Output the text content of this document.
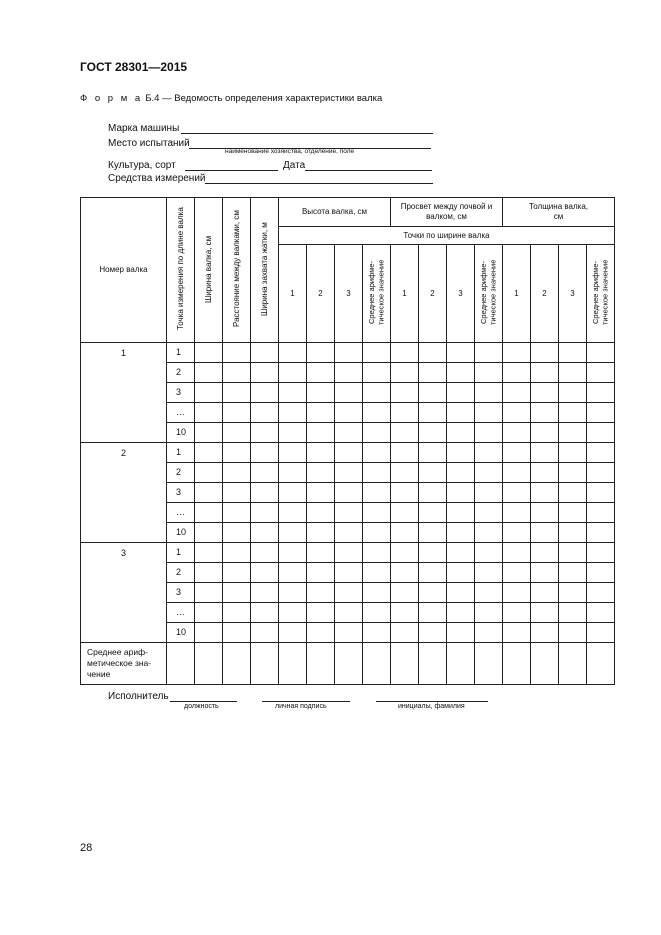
ГОСТ 28301—2015
Ф о р м а Б.4 — Ведомость определения характеристики валка
Марка машины
Место испытаний
наименование хозяйства, отделение, поле
Культура, сорт	Дата
Средства измерений
Номер валка	Точка измерения по длине валка	Ширина валка, см	Расстояние между валками, см	Ширина захвата жатки, м	Высота валка, см				Просвет между почвой и валком, см				Толщина валка, см			

					Точки по ширине валка											
					1	2	3	Среднее арифме- тическое значение	1	2	3	Среднее арифме- тическое значение	1	2	3	Среднее арифме- тическое значение
1	1															
	2															
	3															
	…															
	10															
2	1															
	2															
	3															
	…															
	10															
3	1															
	2															
	3															
	…															
	10															
Среднее ариф- метическое зна- чение																
Исполнитель
должность	личная подпись	инициалы, фамилия
28
